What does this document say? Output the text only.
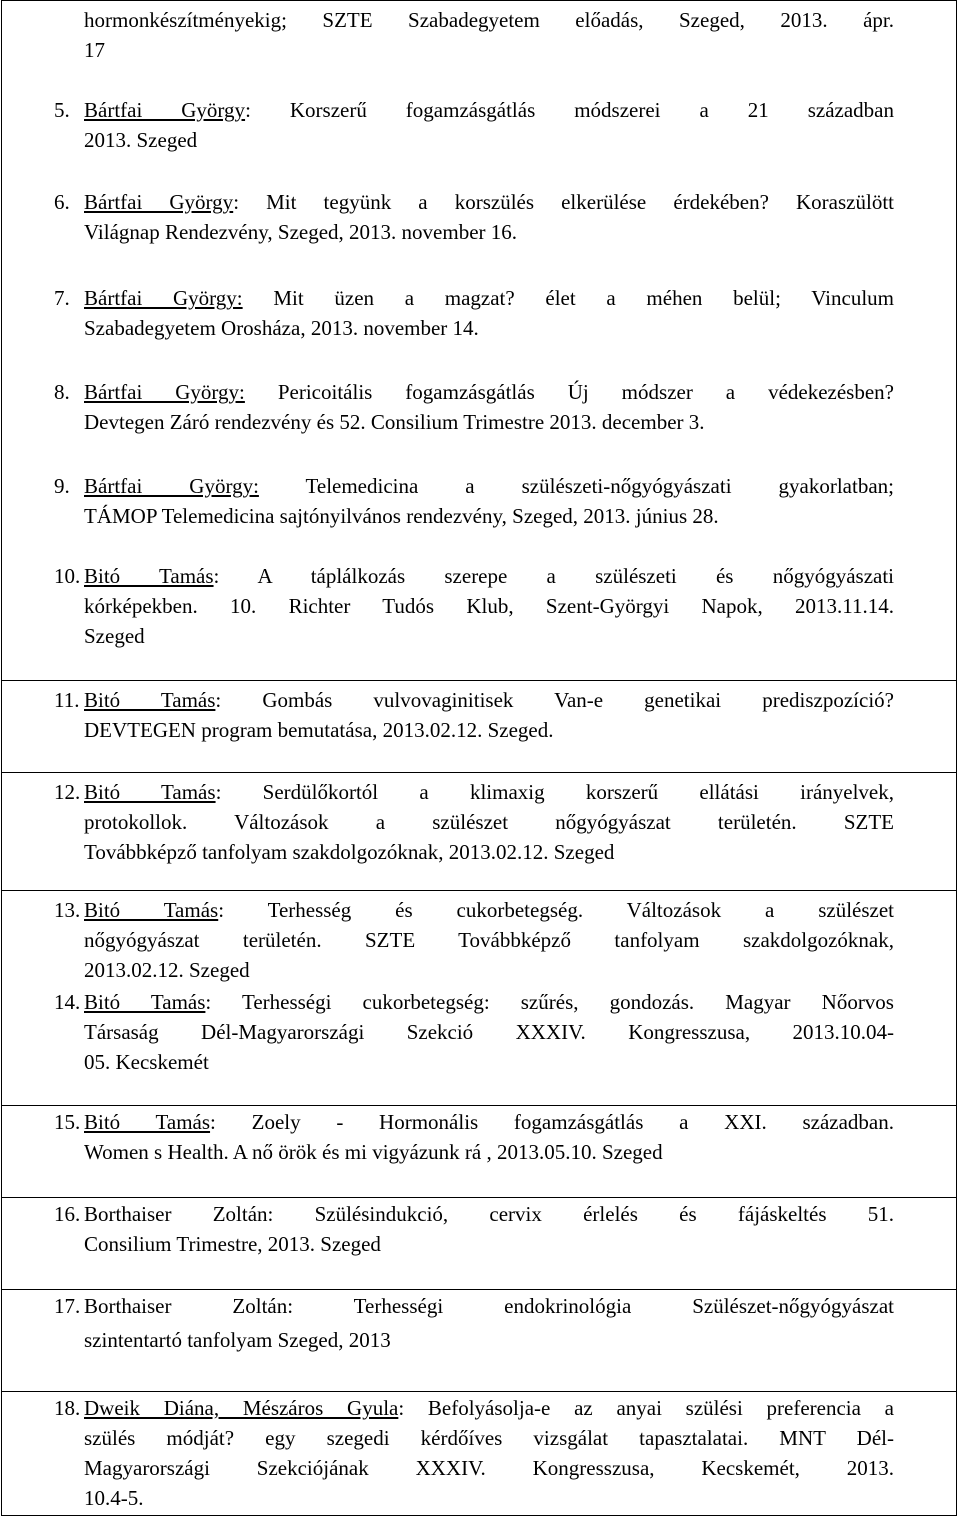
hormonkészítményekig; SZTE Szabadegyetem előadás, Szeged, 2013. ápr.
17
5. Bártfai György: Korszerű fogamzásgátlás módszerei a 21 században
2013. Szeged
6. Bártfai György: Mit tegyünk a korszülés elkerülése érdekében? Koraszülött
Világnap Rendezvény, Szeged, 2013. november 16.
7. Bártfai György: Mit üzen a magzat? élet a méhen belül; Vinculum
Szabadegyetem Orosháza, 2013. november 14.
8. Bártfai György: Pericoitális fogamzásgátlás Új módszer a védekezésben?
Devtegen Záró rendezvény és 52. Consilium Trimestre 2013. december 3.
9. Bártfai György: Telemedicina a szülészeti-nőgyógyászati gyakorlatban;
TÁMOP Telemedicina sajtónyilvános rendezvény, Szeged, 2013. június 28.
10. Bitó Tamás: A táplálkozás szerepe a szülészeti és nőgyógyászati
kórképekben. 10. Richter Tudós Klub, Szent-Györgyi Napok, 2013.11.14.
Szeged

11. Bitó Tamás: Gombás vulvovaginitisek Van-e genetikai prediszpozíció?
DEVTEGEN program bemutatása, 2013.02.12. Szeged.

12. Bitó Tamás: Serdülőkortól a klimaxig korszerű ellátási irányelvek,
protokollok. Változások a szülészet nőgyógyászat területén. SZTE
Továbbképző tanfolyam szakdolgozóknak, 2013.02.12. Szeged

13. Bitó Tamás: Terhesség és cukorbetegség. Változások a szülészet
nőgyógyászat területén. SZTE Továbbképző tanfolyam szakdolgozóknak,
2013.02.12. Szeged
14. Bitó Tamás: Terhességi cukorbetegség: szűrés, gondozás. Magyar Nőorvos
Társaság Dél-Magyarországi Szekció XXXIV. Kongresszusa, 2013.10.04-
05. Kecskemét

15. Bitó Tamás: Zoely - Hormonális fogamzásgátlás a XXI. században.
Women s Health. A nő örök és mi vigyázunk rá , 2013.05.10. Szeged

16. Borthaiser Zoltán: Szülésindukció, cervix érlelés és fájáskeltés 51.
Consilium Trimestre, 2013. Szeged

17. Borthaiser Zoltán: Terhességi endokrinológia Szülészet-nőgyógyászat
szintentartó tanfolyam Szeged, 2013

18. Dweik Diána, Mészáros Gyula: Befolyásolja-e az anyai szülési preferencia a
szülés módját? egy szegedi kérdőíves vizsgálat tapasztalatai. MNT Dél-
Magyarországi Szekciójának XXXIV. Kongresszusa, Kecskemét, 2013.
10.4-5.
